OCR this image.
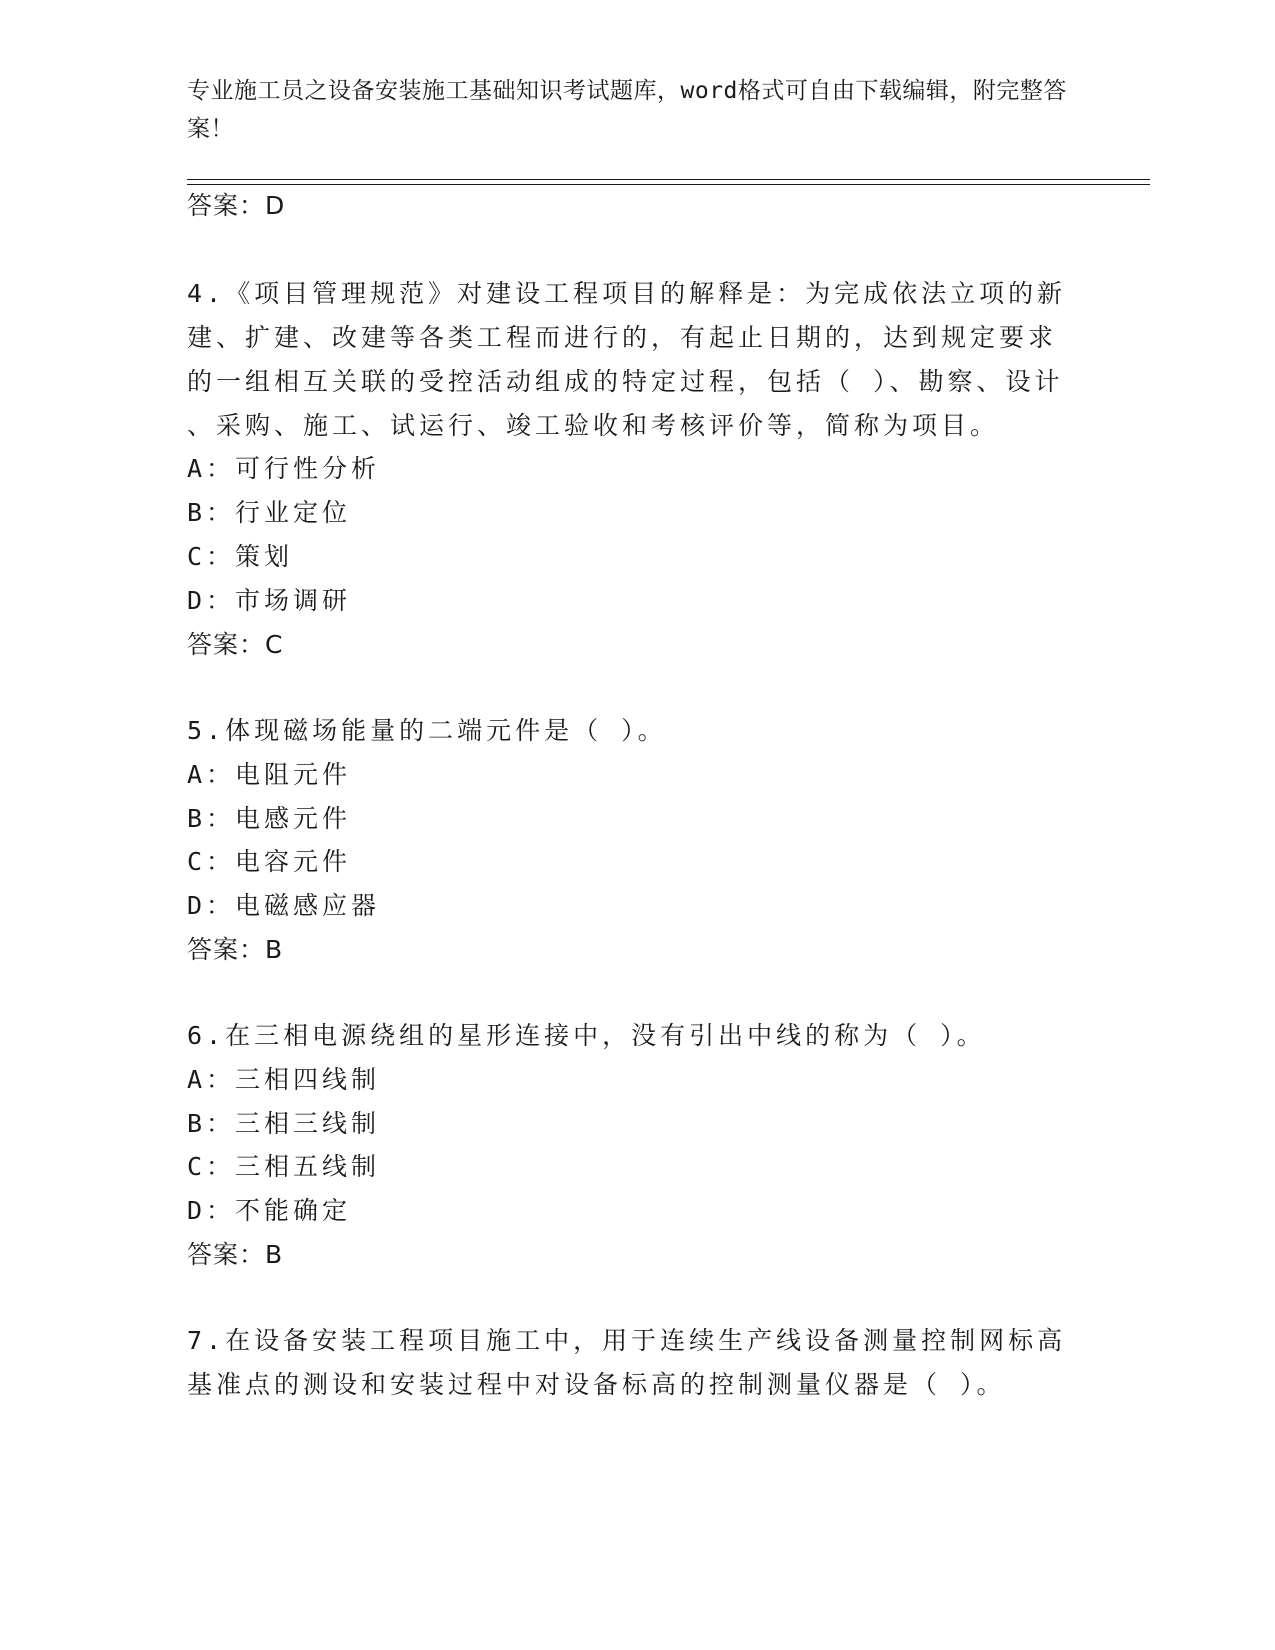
专业施工员之设备安装施工基础知识考试题库，word格式可自由下载编辑，附完整答案！
答案：D
4.《项目管理规范》对建设工程项目的解释是：为完成依法立项的新
建、扩建、改建等各类工程而进行的，有起止日期的，达到规定要求
的一组相互关联的受控活动组成的特定过程，包括（ ）、勘察、设计
、采购、施工、试运行、竣工验收和考核评价等，简称为项目。
A：可行性分析
B：行业定位
C：策划
D：市场调研
答案：C
5.体现磁场能量的二端元件是（ ）。
A：电阻元件
B：电感元件
C：电容元件
D：电磁感应器
答案：B
6.在三相电源绕组的星形连接中，没有引出中线的称为（ ）。
A：三相四线制
B：三相三线制
C：三相五线制
D：不能确定
答案：B
7.在设备安装工程项目施工中，用于连续生产线设备测量控制网标高
基准点的测设和安装过程中对设备标高的控制测量仪器是（ ）。
